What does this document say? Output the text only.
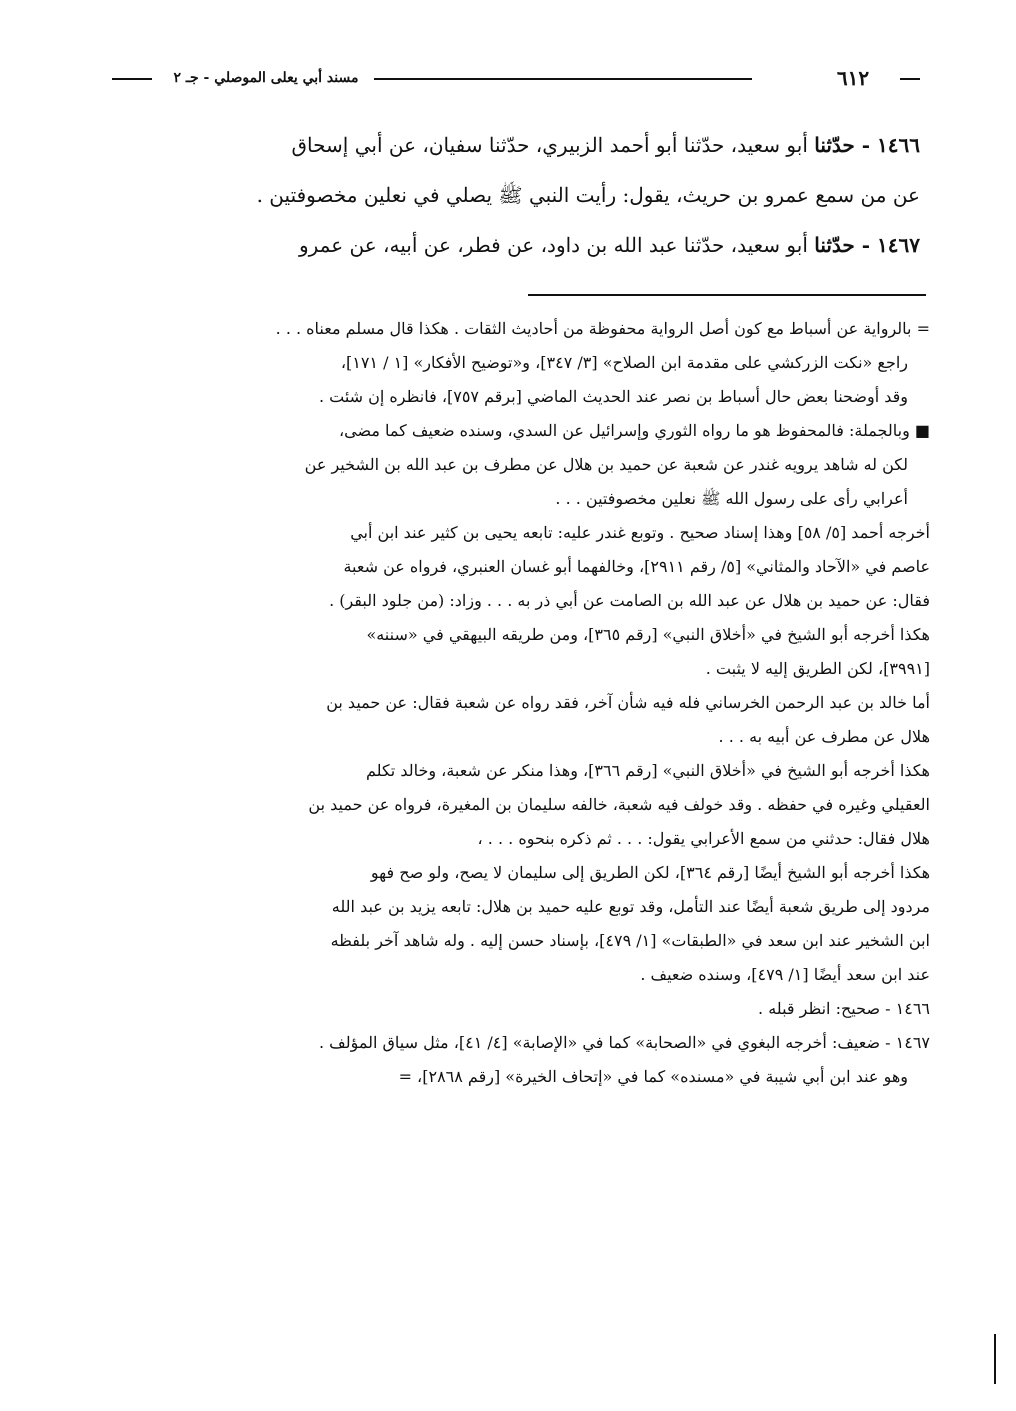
مسند أبي يعلى الموصلي - جـ ٢	٦١٢
١٤٦٦ - حدّثنا أبو سعيد، حدّثنا أبو أحمد الزبيري، حدّثنا سفيان، عن أبي إسحاق
عن من سمع عمرو بن حريث، يقول: رأيت النبي ﷺ يصلي في نعلين مخصوفتين .
١٤٦٧ - حدّثنا أبو سعيد، حدّثنا عبد الله بن داود، عن فطر، عن أبيه، عن عمرو
= بالرواية عن أسباط مع كون أصل الرواية محفوظة من أحاديث الثقات . هكذا قال مسلم معناه . . .
راجع «نكت الزركشي على مقدمة ابن الصلاح» [٣/ ٣٤٧]، و«توضيح الأفكار» [١ / ١٧١]،
وقد أوضحنا بعض حال أسباط بن نصر عند الحديث الماضي [برقم ٧٥٧]، فانظره إن شئت .
■ وبالجملة: فالمحفوظ هو ما رواه الثوري وإسرائيل عن السدي، وسنده ضعيف كما مضى،
لكن له شاهد يرويه غندر عن شعبة عن حميد بن هلال عن مطرف بن عبد الله بن الشخير عن
أعرابي رأى على رسول الله ﷺ نعلين مخصوفتين . . .
أخرجه أحمد [٥/ ٥٨] وهذا إسناد صحيح . وتوبع غندر عليه: تابعه يحيى بن كثير عند ابن أبي
عاصم في «الآحاد والمثاني» [٥/ رقم ٢٩١١]، وخالفهما أبو غسان العنبري، فرواه عن شعبة
فقال: عن حميد بن هلال عن عبد الله بن الصامت عن أبي ذر به . . . وزاد: (من جلود البقر) .
هكذا أخرجه أبو الشيخ في «أخلاق النبي» [رقم ٣٦٥]، ومن طريقه البيهقي في «سننه»
[٣٩٩١]، لكن الطريق إليه لا يثبت .
أما خالد بن عبد الرحمن الخرساني فله فيه شأن آخر، فقد رواه عن شعبة فقال: عن حميد بن
هلال عن مطرف عن أبيه به . . .
هكذا أخرجه أبو الشيخ في «أخلاق النبي» [رقم ٣٦٦]، وهذا منكر عن شعبة، وخالد تكلم
العقيلي وغيره في حفظه . وقد خولف فيه شعبة، خالفه سليمان بن المغيرة، فرواه عن حميد بن
هلال فقال: حدثني من سمع الأعرابي يقول: . . . ثم ذكره بنحوه . . . ،
هكذا أخرجه أبو الشيخ أيضًا [رقم ٣٦٤]، لكن الطريق إلى سليمان لا يصح، ولو صح فهو
مردود إلى طريق شعبة أيضًا عند التأمل، وقد توبع عليه حميد بن هلال: تابعه يزيد بن عبد الله
ابن الشخير عند ابن سعد في «الطبقات» [١/ ٤٧٩]، بإسناد حسن إليه . وله شاهد آخر بلفظه
عند ابن سعد أيضًا [١/ ٤٧٩]، وسنده ضعيف .
١٤٦٦ - صحيح: انظر قبله .
١٤٦٧ - ضعيف: أخرجه البغوي في «الصحابة» كما في «الإصابة» [٤/ ٤١]، مثل سياق المؤلف .
وهو عند ابن أبي شيبة في «مسنده» كما في «إتحاف الخيرة» [رقم ٢٨٦٨]، =
